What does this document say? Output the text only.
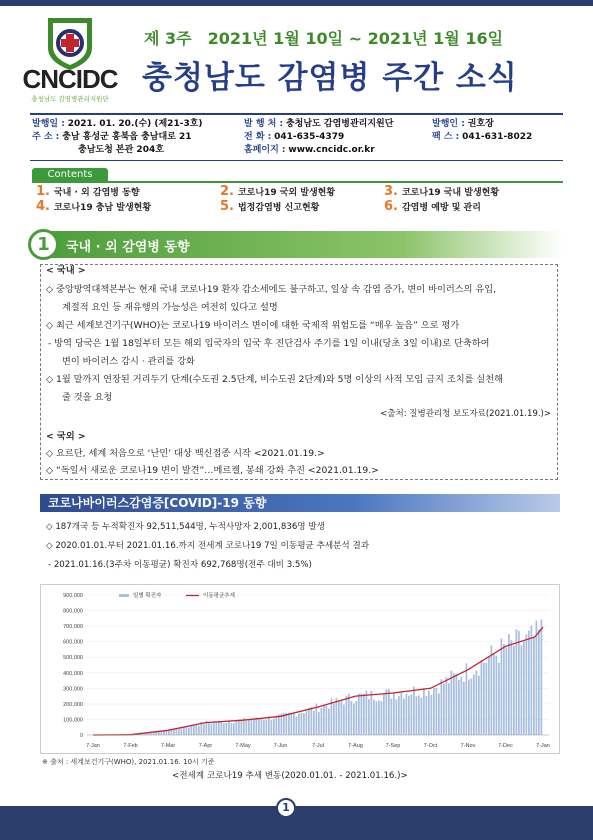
CNCIDC
충청남도 감염병관리지원단
제 3주 2021년 1월 10일 ~ 2021년 1월 16일
충청남도 감염병 주간 소식
발행일 : 2021. 01. 20.(수) (제21-3호)
주 소 : 충남 홍성군 홍북읍 충남대로 21
충남도청 본관 204호
발 행 처 : 충청남도 감염병관리지원단
전 화 : 041-635-4379
홈페이지 : www.cncidc.or.kr
발행인 : 권호장
팩 스 : 041-631-8022
Contents
1. 국내 · 외 감염병 동향	2. 코로나19 국외 발생현황	3. 코로나19 국내 발생현황
4. 코로나19 충남 발생현황	5. 법정감염병 신고현황	6. 감염병 예방 및 관리
1	국내 · 외 감염병 동향
< 국내 >
◇ 중앙방역대책본부는 현재 국내 코로나19 환자 감소세에도 불구하고, 일상 속 감염 증가, 변이 바이러스의 유입,
계절적 요인 등 재유행의 가능성은 여전히 있다고 설명
◇ 최근 세계보건기구(WHO)는 코로나19 바이러스 변이에 대한 국제적 위험도를 “매우 높음” 으로 평가
- 방역 당국은 1월 18일부터 모든 해외 입국자의 입국 후 진단검사 주기를 1일 이내(당초 3일 이내)로 단축하여
변이 바이러스 감시 · 관리를 강화
◇ 1월 말까지 연장된 거리두기 단계(수도권 2.5단계, 비수도권 2단계)와 5명 이상의 사적 모임 금지 조치를 실천해
줄 것을 요청
<출처: 질병관리청 보도자료(2021.01.19.)>
< 국외 >
◇ 요르단, 세계 처음으로 ‘난민’ 대상 백신접종 시작 <2021.01.19.>
◇ “독일서 새로운 코로나19 변이 발견”…메르켈, 봉쇄 강화 추진 <2021.01.19.>
코로나바이러스감염증[COVID]-19 동향
◇ 187개국 등 누적확진자 92,511,544명, 누적사망자 2,001,836명 발생
◇ 2020.01.01.부터 2021.01.16.까지 전세계 코로나19 7일 이동평균 추세분석 결과
- 2021.01.16.(3주차 이동평균) 확진자 692,768명(전주 대비 3.5%)
0
100,000
200,000
300,000
400,000
500,000
600,000
700,000
800,000
900,000
7-Jan	7-Feb	7-Mar	7-Apr	7-May	7-Jun	7-Jul	7-Aug	7-Sep	7-Oct	7-Nov	7-Dec	7-Jan
일별 확진자	이동평균추세
※ 출처 : 세계보건기구(WHO), 2021.01.16. 10시 기준
<전세계 코로나19 추세 변동(2020.01.01. - 2021.01.16.)>
1
